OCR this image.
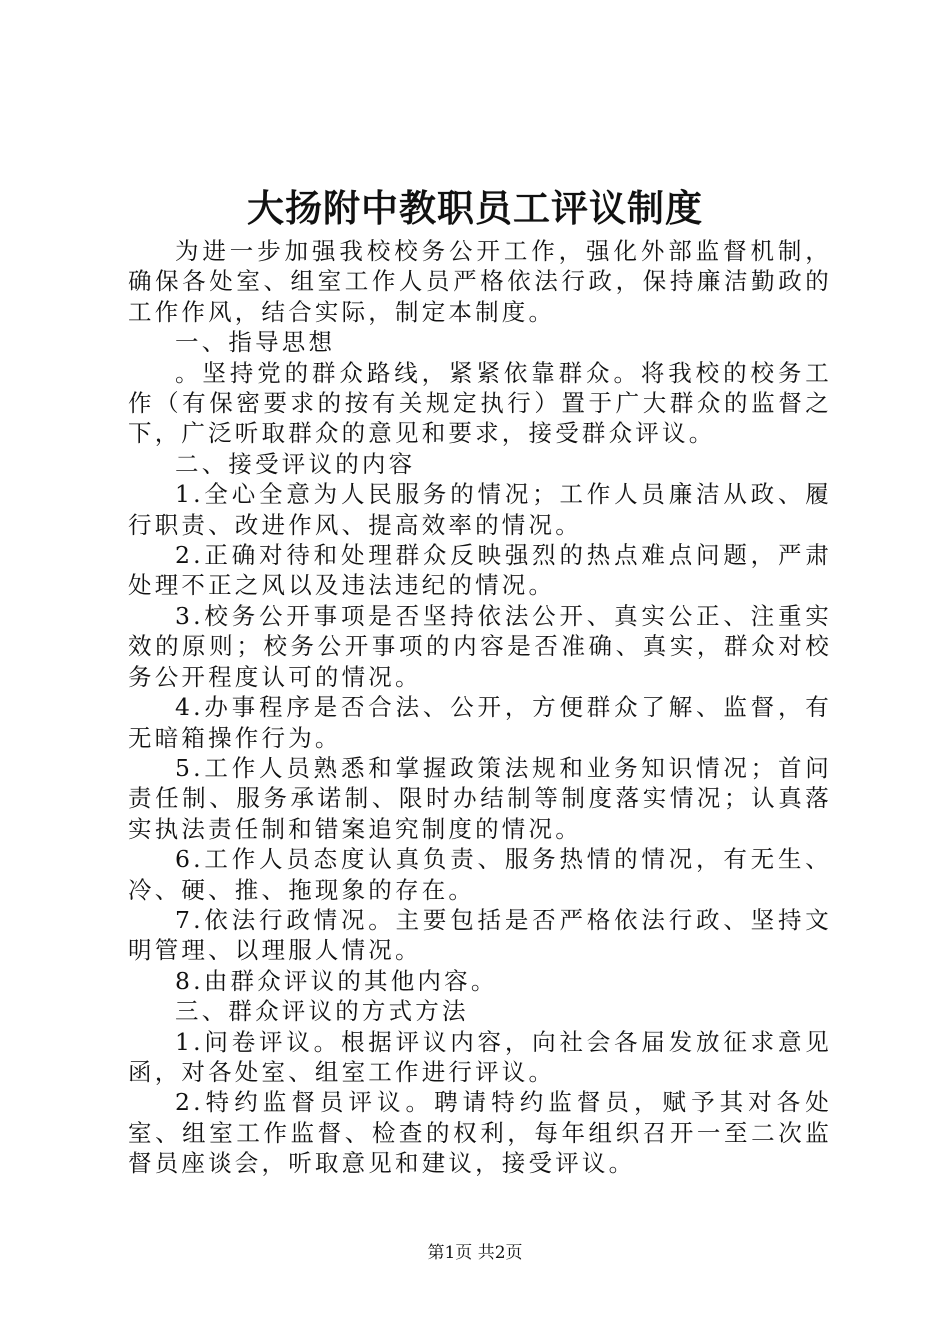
大扬附中教职员工评议制度

为进一步加强我校校务公开工作，强化外部监督机制，确保各处室、组室工作人员严格依法行政，保持廉洁勤政的工作作风，结合实际，制定本制度。

一、指导思想

。坚持党的群众路线，紧紧依靠群众。将我校的校务工作（有保密要求的按有关规定执行）置于广大群众的监督之下，广泛听取群众的意见和要求，接受群众评议。

二、接受评议的内容

1.全心全意为人民服务的情况；工作人员廉洁从政、履行职责、改进作风、提高效率的情况。

2.正确对待和处理群众反映强烈的热点难点问题，严肃处理不正之风以及违法违纪的情况。

3.校务公开事项是否坚持依法公开、真实公正、注重实效的原则；校务公开事项的内容是否准确、真实，群众对校务公开程度认可的情况。

4.办事程序是否合法、公开，方便群众了解、监督，有无暗箱操作行为。

5.工作人员熟悉和掌握政策法规和业务知识情况；首问责任制、服务承诺制、限时办结制等制度落实情况；认真落实执法责任制和错案追究制度的情况。

6.工作人员态度认真负责、服务热情的情况，有无生、冷、硬、推、拖现象的存在。

7.依法行政情况。主要包括是否严格依法行政、坚持文明管理、以理服人情况。

8.由群众评议的其他内容。

三、群众评议的方式方法

1.问卷评议。根据评议内容，向社会各届发放征求意见函，对各处室、组室工作进行评议。

2.特约监督员评议。聘请特约监督员，赋予其对各处室、组室工作监督、检查的权利，每年组织召开一至二次监督员座谈会，听取意见和建议，接受评议。

第1页 共2页
